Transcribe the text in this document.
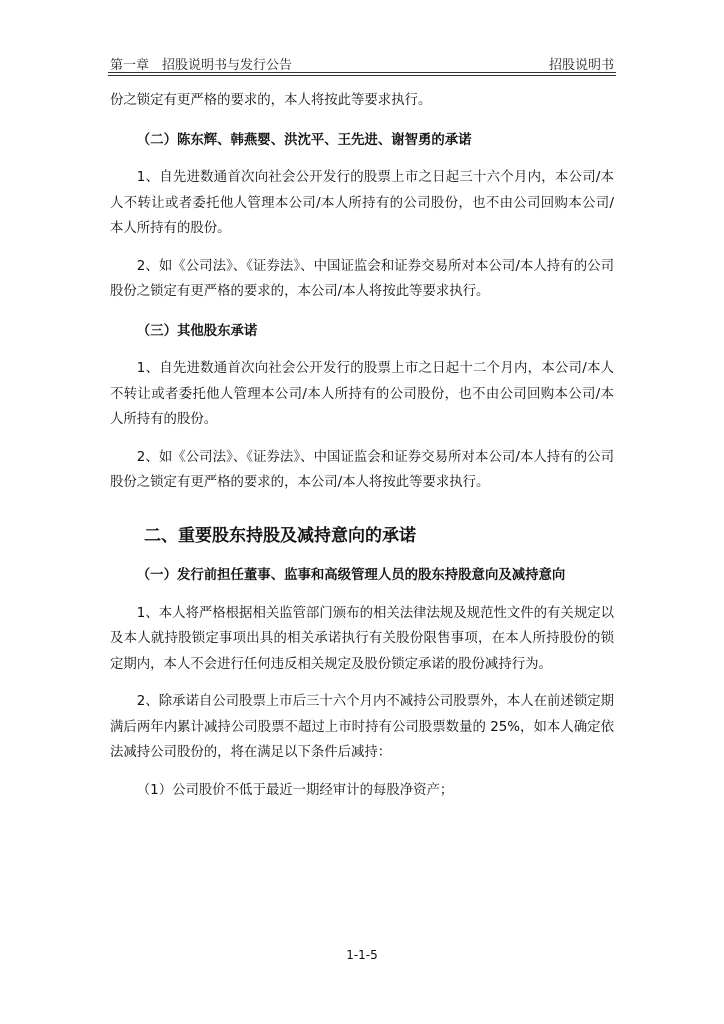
第一章　招股说明书与发行公告	招股说明书

份之锁定有更严格的要求的，本人将按此等要求执行。

（二）陈东辉、韩燕婴、洪沈平、王先进、谢智勇的承诺

1、自先进数通首次向社会公开发行的股票上市之日起三十六个月内，本公司/本人不转让或者委托他人管理本公司/本人所持有的公司股份，也不由公司回购本公司/本人所持有的股份。

2、如《公司法》、《证券法》、中国证监会和证券交易所对本公司/本人持有的公司股份之锁定有更严格的要求的，本公司/本人将按此等要求执行。

（三）其他股东承诺

1、自先进数通首次向社会公开发行的股票上市之日起十二个月内，本公司/本人不转让或者委托他人管理本公司/本人所持有的公司股份，也不由公司回购本公司/本人所持有的股份。

2、如《公司法》、《证券法》、中国证监会和证券交易所对本公司/本人持有的公司股份之锁定有更严格的要求的，本公司/本人将按此等要求执行。

二、重要股东持股及减持意向的承诺

（一）发行前担任董事、监事和高级管理人员的股东持股意向及减持意向

1、本人将严格根据相关监管部门颁布的相关法律法规及规范性文件的有关规定以及本人就持股锁定事项出具的相关承诺执行有关股份限售事项，在本人所持股份的锁定期内，本人不会进行任何违反相关规定及股份锁定承诺的股份减持行为。

2、除承诺自公司股票上市后三十六个月内不减持公司股票外，本人在前述锁定期满后两年内累计减持公司股票不超过上市时持有公司股票数量的 25%，如本人确定依法减持公司股份的，将在满足以下条件后减持：

（1）公司股价不低于最近一期经审计的每股净资产；

1-1-5
